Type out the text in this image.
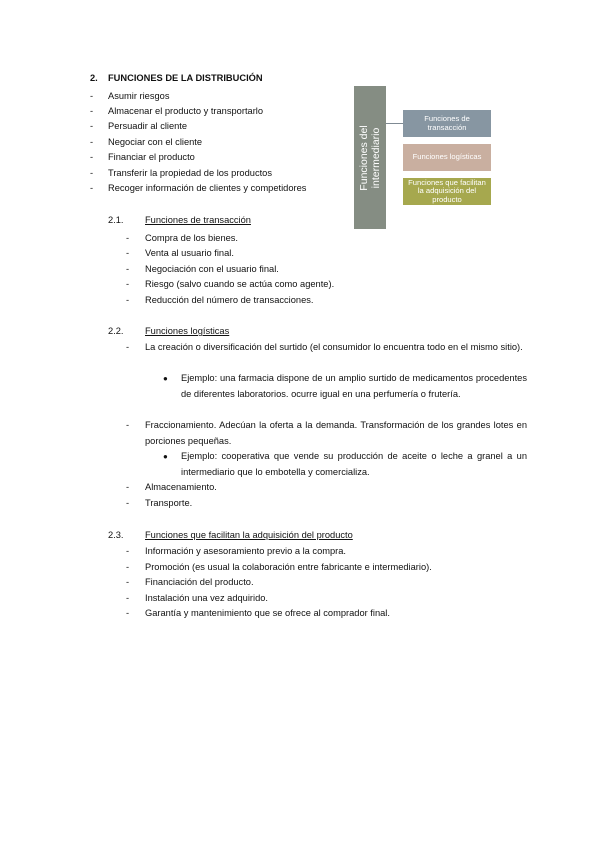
2. FUNCIONES DE LA DISTRIBUCIÓN
- Asumir riesgos
- Almacenar el producto y transportarlo
- Persuadir al cliente
- Negociar con el cliente
- Financiar el producto
- Transferir la propiedad de los productos
- Recoger información de clientes y competidores	Funciones del intermediario
Funciones de
transacción
Funciones logísticas
Funciones que facilitan
la adquisición del
producto
2.1. Funciones de transacción
- Compra de los bienes.
- Venta al usuario final.
- Negociación con el usuario final.
- Riesgo (salvo cuando se actúa como agente).
- Reducción del número de transacciones.
2.2. Funciones logísticas
- La creación o diversificación del surtido (el consumidor lo encuentra todo en el mismo sitio).
● Ejemplo: una farmacia dispone de un amplio surtido de medicamentos procedentes de diferentes laboratorios. ocurre igual en una perfumería o frutería.
- Fraccionamiento. Adecúan la oferta a la demanda. Transformación de los grandes lotes en porciones pequeñas.
● Ejemplo: cooperativa que vende su producción de aceite o leche a granel a un intermediario que lo embotella y comercializa.
- Almacenamiento.
- Transporte.
2.3. Funciones que facilitan la adquisición del producto
- Información y asesoramiento previo a la compra.
- Promoción (es usual la colaboración entre fabricante e intermediario).
- Financiación del producto.
- Instalación una vez adquirido.
- Garantía y mantenimiento que se ofrece al comprador final.
